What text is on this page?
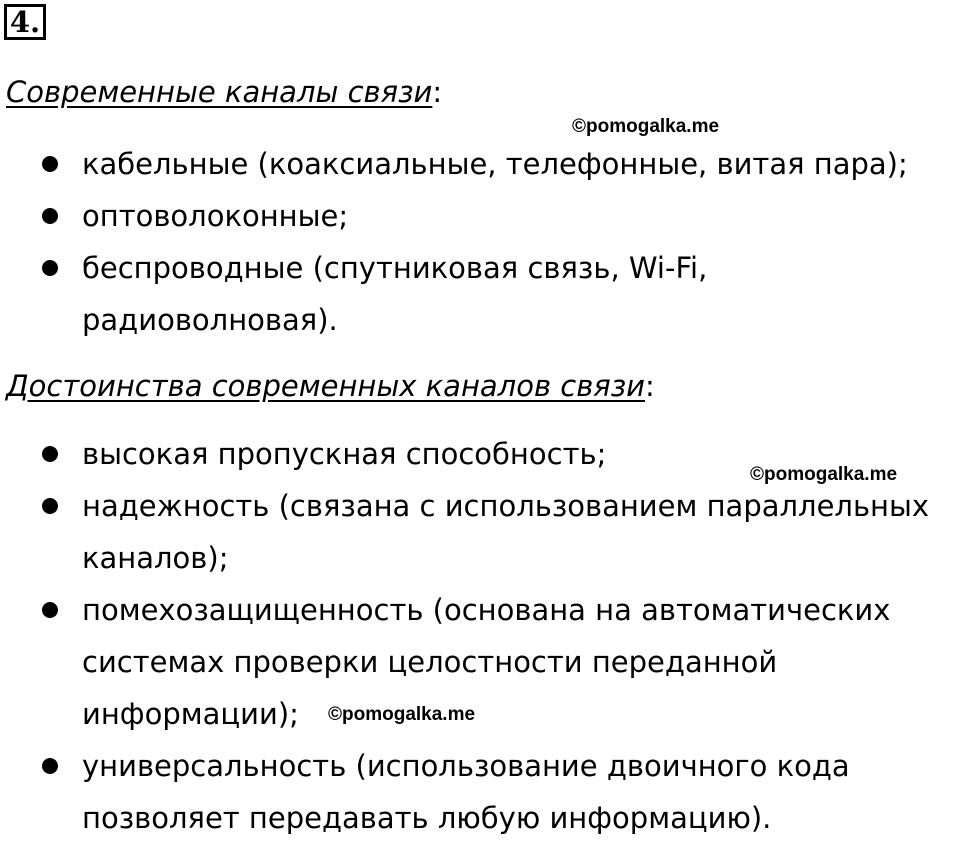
4.
Современные каналы связи:
кабельные (коаксиальные, телефонные, витая пара);
оптоволоконные;
беспроводные (спутниковая связь, Wi-Fi,
радиоволновая).
Достоинства современных каналов связи:
высокая пропускная способность;
надежность (связана с использованием параллельных
каналов);
помехозащищенность (основана на автоматических
системах проверки целостности переданной
информации);
универсальность (использование двоичного кода
позволяет передавать любую информацию).
©pomogalka.me
©pomogalka.me
©pomogalka.me
